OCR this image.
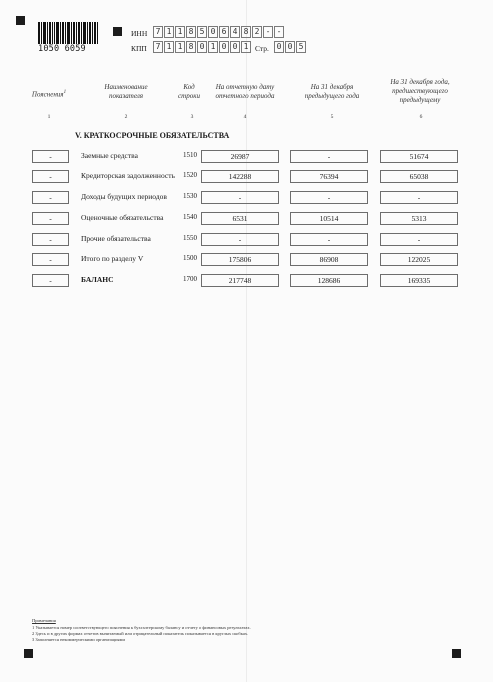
1050 6059
ИНН	7 1 1 8 5 0 6 4 8 2 - -
КПП	7 1 1 8 0 1 0 0 1 Стр. 0 0 5
Пояснения$^1$
Наименование показателя
Код строки
На отчетную дату отчетного периода
На 31 декабря предыдущего года
На 31 декабря года, предшествующего предыдущему
1	2	3	4	5	6
V. КРАТКОСРОЧНЫЕ ОБЯЗАТЕЛЬСТВА
-	Заемные средства	1510	26987	-	51674
-	Кредиторская задолженность 1520	142288	76394	65038
-	Доходы будущих периодов 1530	-	-	-
-	Оценочные обязательства	1540	6531	10514	5313
-	Прочие обязательства	1550	-	-	-
-	Итого по разделу V	1500	175806	86908	122025
-	БАЛАНС	1700	217748	128686	169335
Примечания
1 Указывается номер соответствующего пояснения к бухгалтерскому балансу и отчету о финансовых результатах.
2 Здесь и в других формах отчетов вычитаемый или отрицательный показатель показывается в круглых скобках.
3 Заполняется некоммерческими организациями
